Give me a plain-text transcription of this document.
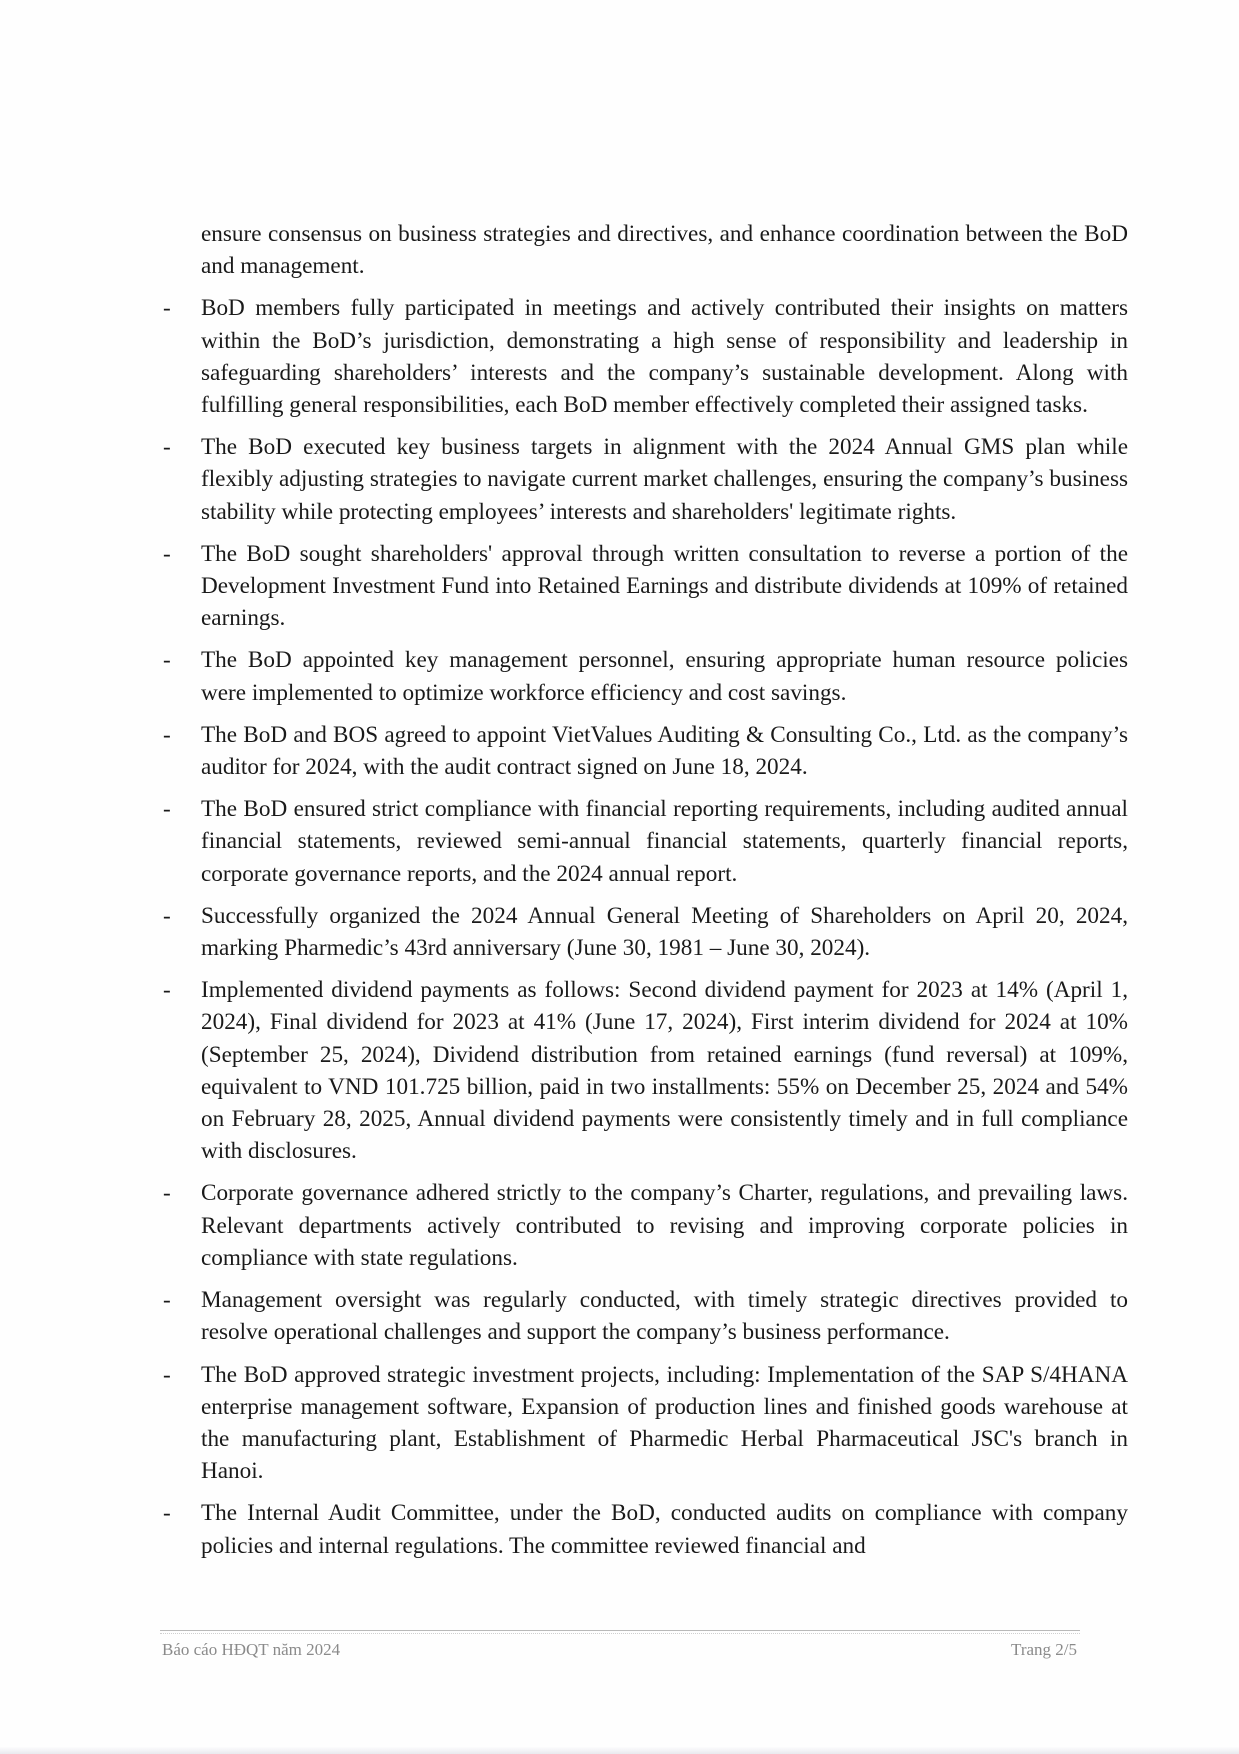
ensure consensus on business strategies and directives, and enhance coordination between the BoD and management.

-	BoD members fully participated in meetings and actively contributed their insights on matters within the BoD’s jurisdiction, demonstrating a high sense of responsibility and leadership in safeguarding shareholders’ interests and the company’s sustainable development. Along with fulfilling general responsibilities, each BoD member effectively completed their assigned tasks.
-	The BoD executed key business targets in alignment with the 2024 Annual GMS plan while flexibly adjusting strategies to navigate current market challenges, ensuring the company’s business stability while protecting employees’ interests and shareholders' legitimate rights.
-	The BoD sought shareholders' approval through written consultation to reverse a portion of the Development Investment Fund into Retained Earnings and distribute dividends at 109% of retained earnings.
-	The BoD appointed key management personnel, ensuring appropriate human resource policies were implemented to optimize workforce efficiency and cost savings.
-	The BoD and BOS agreed to appoint VietValues Auditing & Consulting Co., Ltd. as the company’s auditor for 2024, with the audit contract signed on June 18, 2024.
-	The BoD ensured strict compliance with financial reporting requirements, including audited annual financial statements, reviewed semi-annual financial statements, quarterly financial reports, corporate governance reports, and the 2024 annual report.
-	Successfully organized the 2024 Annual General Meeting of Shareholders on April 20, 2024, marking Pharmedic’s 43rd anniversary (June 30, 1981 – June 30, 2024).
-	Implemented dividend payments as follows: Second dividend payment for 2023 at 14% (April 1, 2024), Final dividend for 2023 at 41% (June 17, 2024), First interim dividend for 2024 at 10% (September 25, 2024), Dividend distribution from retained earnings (fund reversal) at 109%, equivalent to VND 101.725 billion, paid in two installments: 55% on December 25, 2024 and 54% on February 28, 2025, Annual dividend payments were consistently timely and in full compliance with disclosures.
-	Corporate governance adhered strictly to the company’s Charter, regulations, and prevailing laws. Relevant departments actively contributed to revising and improving corporate policies in compliance with state regulations.
-	Management oversight was regularly conducted, with timely strategic directives provided to resolve operational challenges and support the company’s business performance.
-	The BoD approved strategic investment projects, including: Implementation of the SAP S/4HANA enterprise management software, Expansion of production lines and finished goods warehouse at the manufacturing plant, Establishment of Pharmedic Herbal Pharmaceutical JSC's branch in Hanoi.
-	The Internal Audit Committee, under the BoD, conducted audits on compliance with company policies and internal regulations. The committee reviewed financial and
Báo cáo HĐQT năm 2024	Trang 2/5
